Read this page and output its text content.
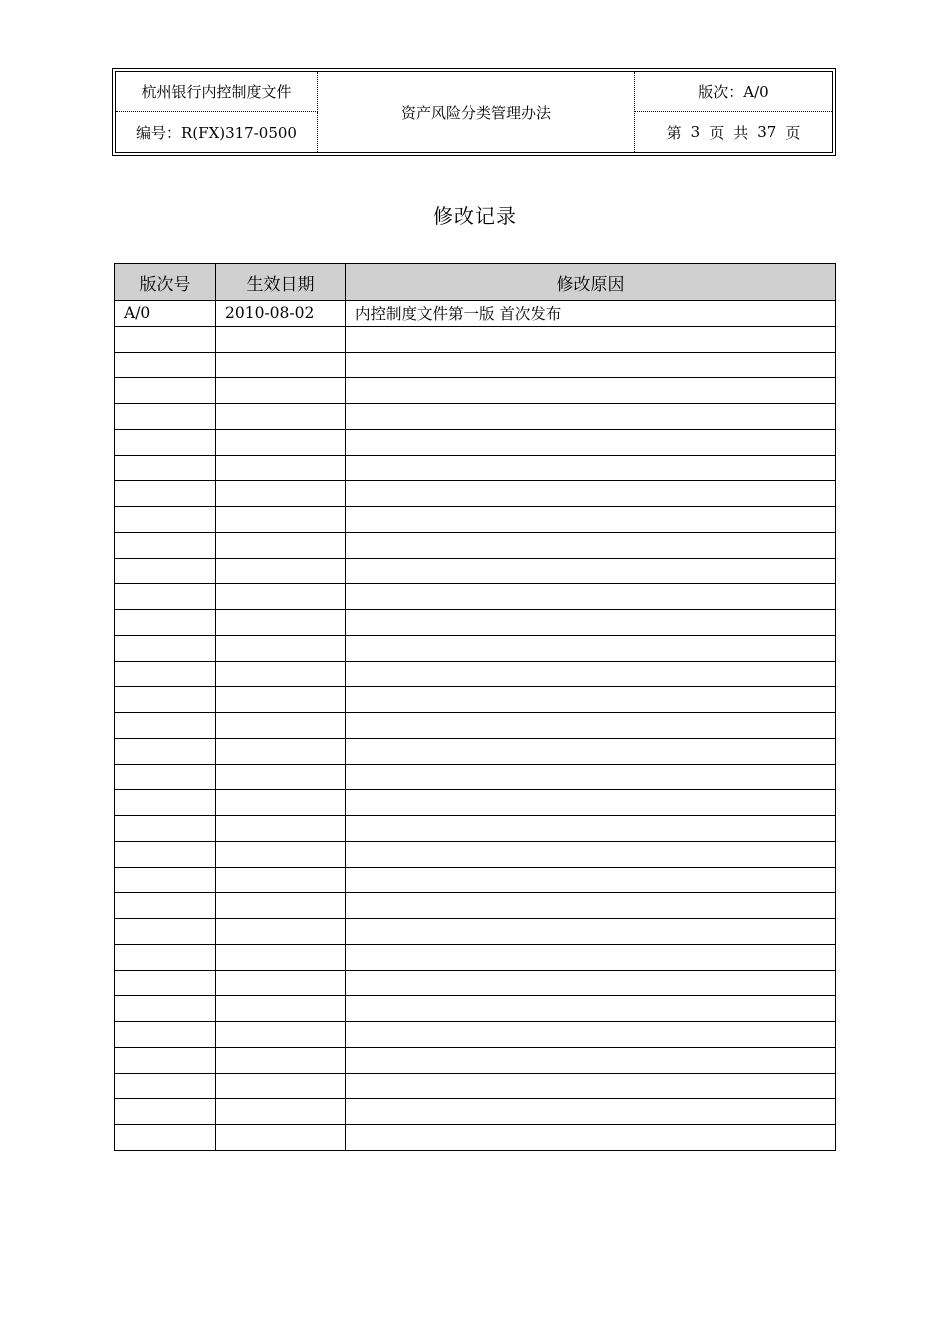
杭州银行内控制度文件
资产风险分类管理办法
版次：A/0
编号：R(FX)317-0500	第 3 页 共 37 页
修改记录
版次号	生效日期	修改原因
A/0	2010-08-02	内控制度文件第一版 首次发布
